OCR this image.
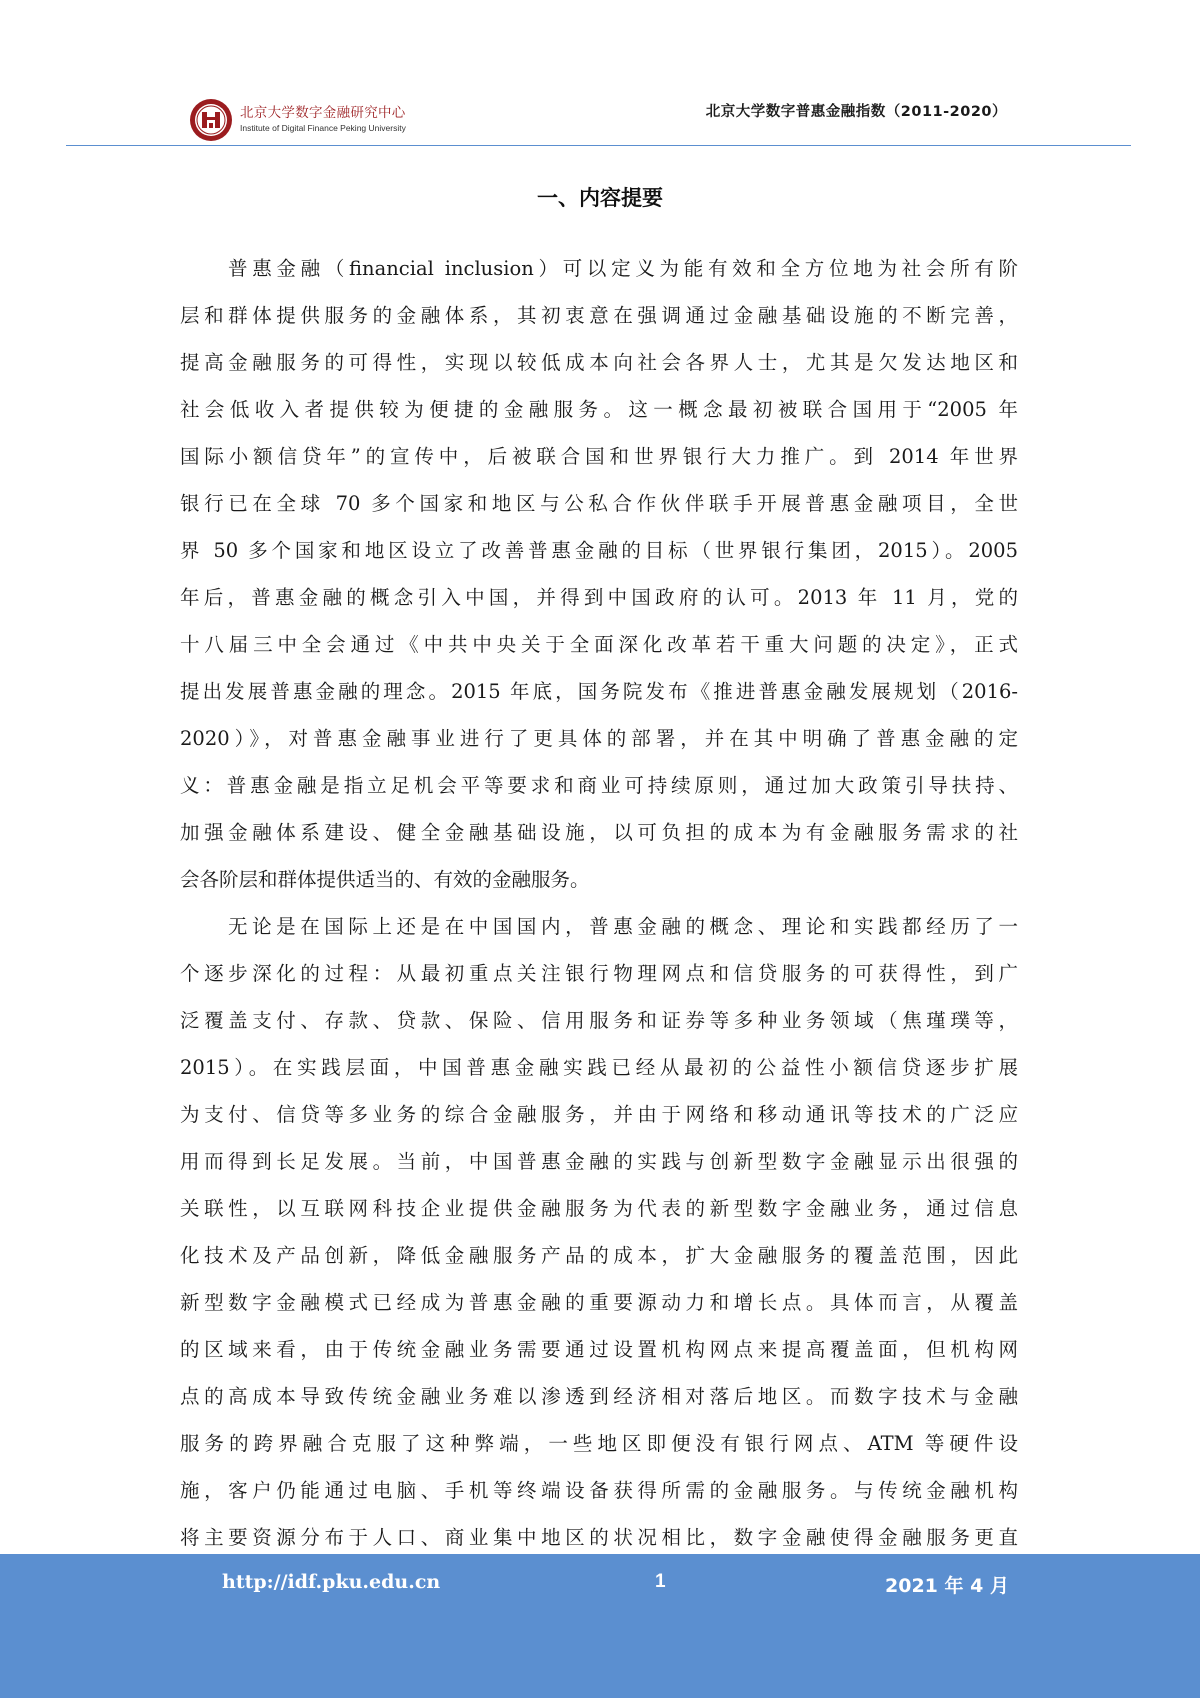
北京大学数字金融研究中心
Institute of Digital Finance Peking University
北京大学数字普惠金融指数（2011-2020）
一、内容提要
普惠金融（financial inclusion）可以定义为能有效和全方位地为社会所有阶
层和群体提供服务的金融体系，其初衷意在强调通过金融基础设施的不断完善，
提高金融服务的可得性，实现以较低成本向社会各界人士，尤其是欠发达地区和
社会低收入者提供较为便捷的金融服务。这一概念最初被联合国用于“2005 年
国际小额信贷年”的宣传中，后被联合国和世界银行大力推广。到 2014 年世界
银行已在全球 70 多个国家和地区与公私合作伙伴联手开展普惠金融项目，全世
界 50 多个国家和地区设立了改善普惠金融的目标（世界银行集团，2015）。2005
年后，普惠金融的概念引入中国，并得到中国政府的认可。2013 年 11 月，党的
十八届三中全会通过《中共中央关于全面深化改革若干重大问题的决定》，正式
提出发展普惠金融的理念。2015 年底，国务院发布《推进普惠金融发展规划（2016-
2020）》，对普惠金融事业进行了更具体的部署，并在其中明确了普惠金融的定
义：普惠金融是指立足机会平等要求和商业可持续原则，通过加大政策引导扶持、
加强金融体系建设、健全金融基础设施，以可负担的成本为有金融服务需求的社
会各阶层和群体提供适当的、有效的金融服务。
无论是在国际上还是在中国国内，普惠金融的概念、理论和实践都经历了一
个逐步深化的过程：从最初重点关注银行物理网点和信贷服务的可获得性，到广
泛覆盖支付、存款、贷款、保险、信用服务和证券等多种业务领域（焦瑾璞等，
2015）。在实践层面，中国普惠金融实践已经从最初的公益性小额信贷逐步扩展
为支付、信贷等多业务的综合金融服务，并由于网络和移动通讯等技术的广泛应
用而得到长足发展。当前，中国普惠金融的实践与创新型数字金融显示出很强的
关联性，以互联网科技企业提供金融服务为代表的新型数字金融业务，通过信息
化技术及产品创新，降低金融服务产品的成本，扩大金融服务的覆盖范围，因此
新型数字金融模式已经成为普惠金融的重要源动力和增长点。具体而言，从覆盖
的区域来看，由于传统金融业务需要通过设置机构网点来提高覆盖面，但机构网
点的高成本导致传统金融业务难以渗透到经济相对落后地区。而数字技术与金融
服务的跨界融合克服了这种弊端，一些地区即便没有银行网点、ATM 等硬件设
施，客户仍能通过电脑、手机等终端设备获得所需的金融服务。与传统金融机构
将主要资源分布于人口、商业集中地区的状况相比，数字金融使得金融服务更直
http://idf.pku.edu.cn	1	2021 年 4 月
